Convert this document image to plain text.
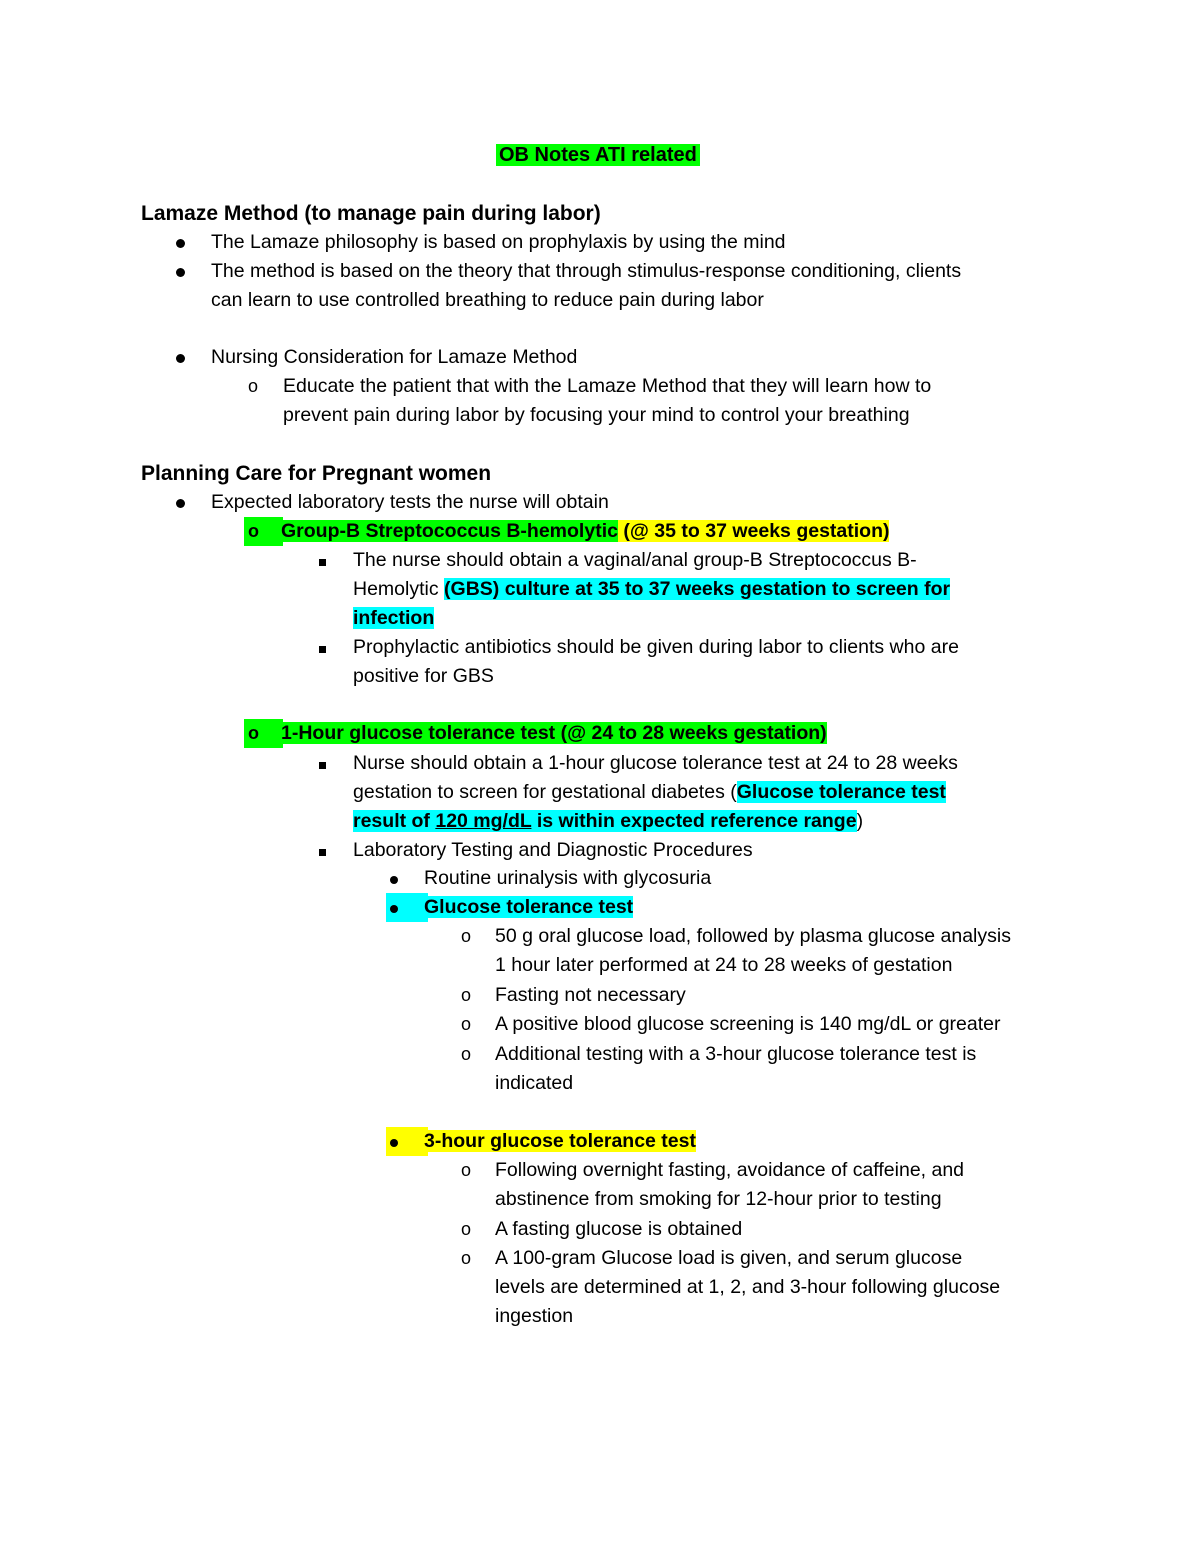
OB Notes ATI related
Lamaze Method (to manage pain during labor)
The Lamaze philosophy is based on prophylaxis by using the mind
The method is based on the theory that through stimulus-response conditioning, clients
can learn to use controlled breathing to reduce pain during labor
Nursing Consideration for Lamaze Method
o Educate the patient that with the Lamaze Method that they will learn how to
prevent pain during labor by focusing your mind to control your breathing
Planning Care for Pregnant women
Expected laboratory tests the nurse will obtain
o	Group-B Streptococcus B-hemolytic (@ 35 to 37 weeks gestation)
The nurse should obtain a vaginal/anal group-B Streptococcus B-
Hemolytic (GBS) culture at 35 to 37 weeks gestation to screen for
infection
Prophylactic antibiotics should be given during labor to clients who are
positive for GBS
o	1-Hour glucose tolerance test (@ 24 to 28 weeks gestation)
Nurse should obtain a 1-hour glucose tolerance test at 24 to 28 weeks
gestation to screen for gestational diabetes (Glucose tolerance test
result of 120 mg/dL is within expected reference range)
Laboratory Testing and Diagnostic Procedures
Routine urinalysis with glycosuria
Glucose tolerance test
o 50 g oral glucose load, followed by plasma glucose analysis
1 hour later performed at 24 to 28 weeks of gestation
o Fasting not necessary
o A positive blood glucose screening is 140 mg/dL or greater
o Additional testing with a 3-hour glucose tolerance test is
indicated
3-hour glucose tolerance test
o Following overnight fasting, avoidance of caffeine, and
abstinence from smoking for 12-hour prior to testing
o A fasting glucose is obtained
o A 100-gram Glucose load is given, and serum glucose
levels are determined at 1, 2, and 3-hour following glucose
ingestion
